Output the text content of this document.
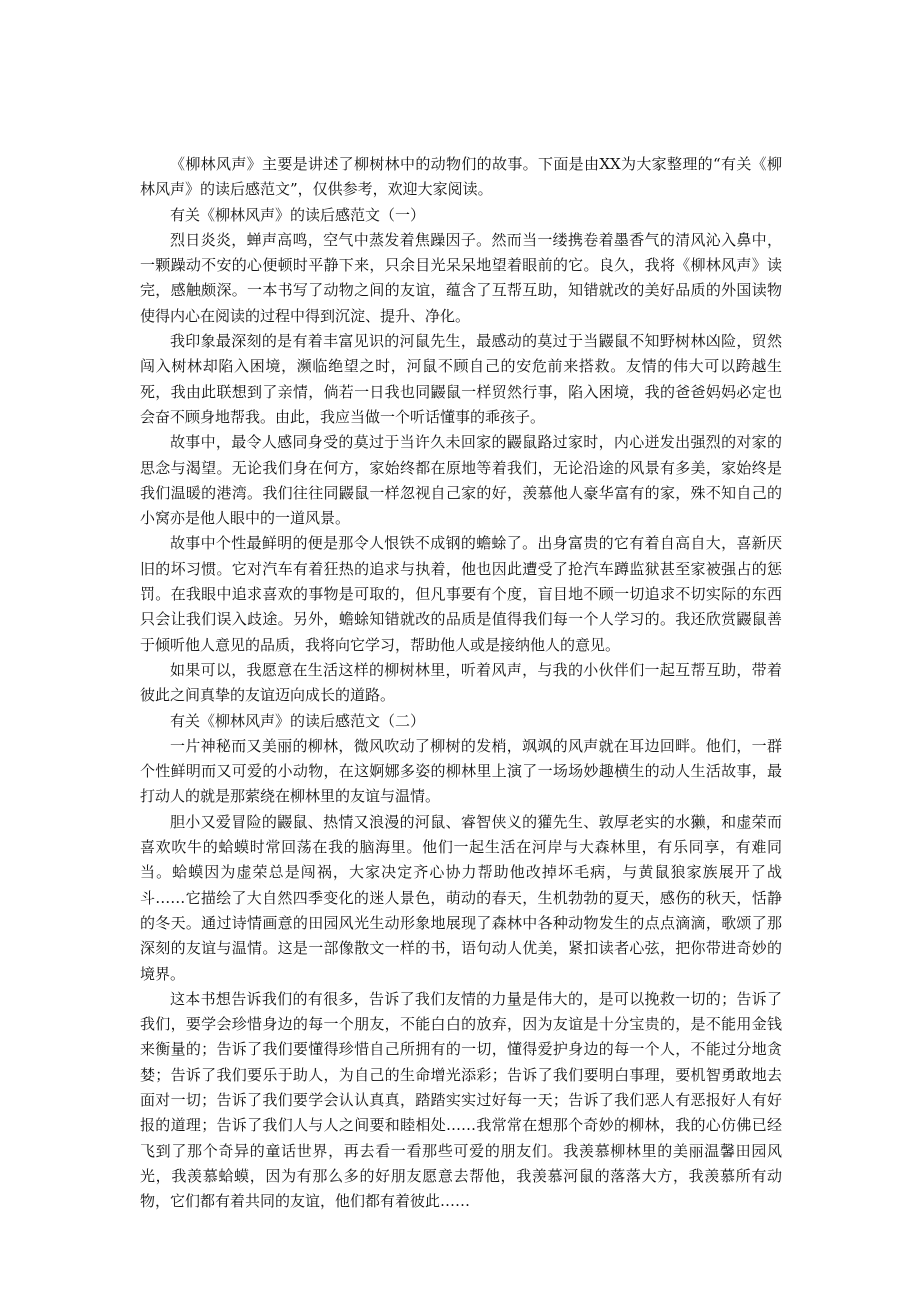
《柳林风声》主要是讲述了柳树林中的动物们的故事。下面是由XX为大家整理的“有关《柳林风声》的读后感范文”，仅供参考，欢迎大家阅读。

有关《柳林风声》的读后感范文（一）

烈日炎炎，蝉声高鸣，空气中蒸发着焦躁因子。然而当一缕携卷着墨香气的清风沁入鼻中，一颗躁动不安的心便顿时平静下来，只余目光呆呆地望着眼前的它。良久，我将《柳林风声》读完，感触颇深。一本书写了动物之间的友谊，蕴含了互帮互助，知错就改的美好品质的外国读物使得内心在阅读的过程中得到沉淀、提升、净化。

我印象最深刻的是有着丰富见识的河鼠先生，最感动的莫过于当鼹鼠不知野树林凶险，贸然闯入树林却陷入困境，濒临绝望之时，河鼠不顾自己的安危前来搭救。友情的伟大可以跨越生死，我由此联想到了亲情，倘若一日我也同鼹鼠一样贸然行事，陷入困境，我的爸爸妈妈必定也会奋不顾身地帮我。由此，我应当做一个听话懂事的乖孩子。

故事中，最令人感同身受的莫过于当许久未回家的鼹鼠路过家时，内心迸发出强烈的对家的思念与渴望。无论我们身在何方，家始终都在原地等着我们，无论沿途的风景有多美，家始终是我们温暖的港湾。我们往往同鼹鼠一样忽视自己家的好，羡慕他人豪华富有的家，殊不知自己的小窝亦是他人眼中的一道风景。

故事中个性最鲜明的便是那令人恨铁不成钢的蟾蜍了。出身富贵的它有着自高自大，喜新厌旧的坏习惯。它对汽车有着狂热的追求与执着，他也因此遭受了抢汽车蹲监狱甚至家被强占的惩罚。在我眼中追求喜欢的事物是可取的，但凡事要有个度，盲目地不顾一切追求不切实际的东西只会让我们误入歧途。另外，蟾蜍知错就改的品质是值得我们每一个人学习的。我还欣赏鼹鼠善于倾听他人意见的品质，我将向它学习，帮助他人或是接纳他人的意见。

如果可以，我愿意在生活这样的柳树林里，听着风声，与我的小伙伴们一起互帮互助，带着彼此之间真挚的友谊迈向成长的道路。

有关《柳林风声》的读后感范文（二）

一片神秘而又美丽的柳林，微风吹动了柳树的发梢，飒飒的风声就在耳边回畔。他们，一群个性鲜明而又可爱的小动物，在这婀娜多姿的柳林里上演了一场场妙趣横生的动人生活故事，最打动人的就是那萦绕在柳林里的友谊与温情。

胆小又爱冒险的鼹鼠、热情又浪漫的河鼠、睿智侠义的獾先生、敦厚老实的水獭，和虚荣而喜欢吹牛的蛤蟆时常回荡在我的脑海里。他们一起生活在河岸与大森林里，有乐同享，有难同当。蛤蟆因为虚荣总是闯祸，大家决定齐心协力帮助他改掉坏毛病，与黄鼠狼家族展开了战斗……它描绘了大自然四季变化的迷人景色，萌动的春天，生机勃勃的夏天，感伤的秋天，恬静的冬天。通过诗情画意的田园风光生动形象地展现了森林中各种动物发生的点点滴滴，歌颂了那深刻的友谊与温情。这是一部像散文一样的书，语句动人优美，紧扣读者心弦，把你带进奇妙的境界。

这本书想告诉我们的有很多，告诉了我们友情的力量是伟大的，是可以挽救一切的；告诉了我们，要学会珍惜身边的每一个朋友，不能白白的放弃，因为友谊是十分宝贵的，是不能用金钱来衡量的；告诉了我们要懂得珍惜自己所拥有的一切，懂得爱护身边的每一个人，不能过分地贪婪；告诉了我们要乐于助人，为自己的生命增光添彩；告诉了我们要明白事理，要机智勇敢地去面对一切；告诉了我们要学会认认真真，踏踏实实过好每一天；告诉了我们恶人有恶报好人有好报的道理；告诉了我们人与人之间要和睦相处……我常常在想那个奇妙的柳林，我的心仿佛已经飞到了那个奇异的童话世界，再去看一看那些可爱的朋友们。我羡慕柳林里的美丽温馨田园风光，我羡慕蛤蟆，因为有那么多的好朋友愿意去帮他，我羡慕河鼠的落落大方，我羡慕所有动物，它们都有着共同的友谊，他们都有着彼此……
